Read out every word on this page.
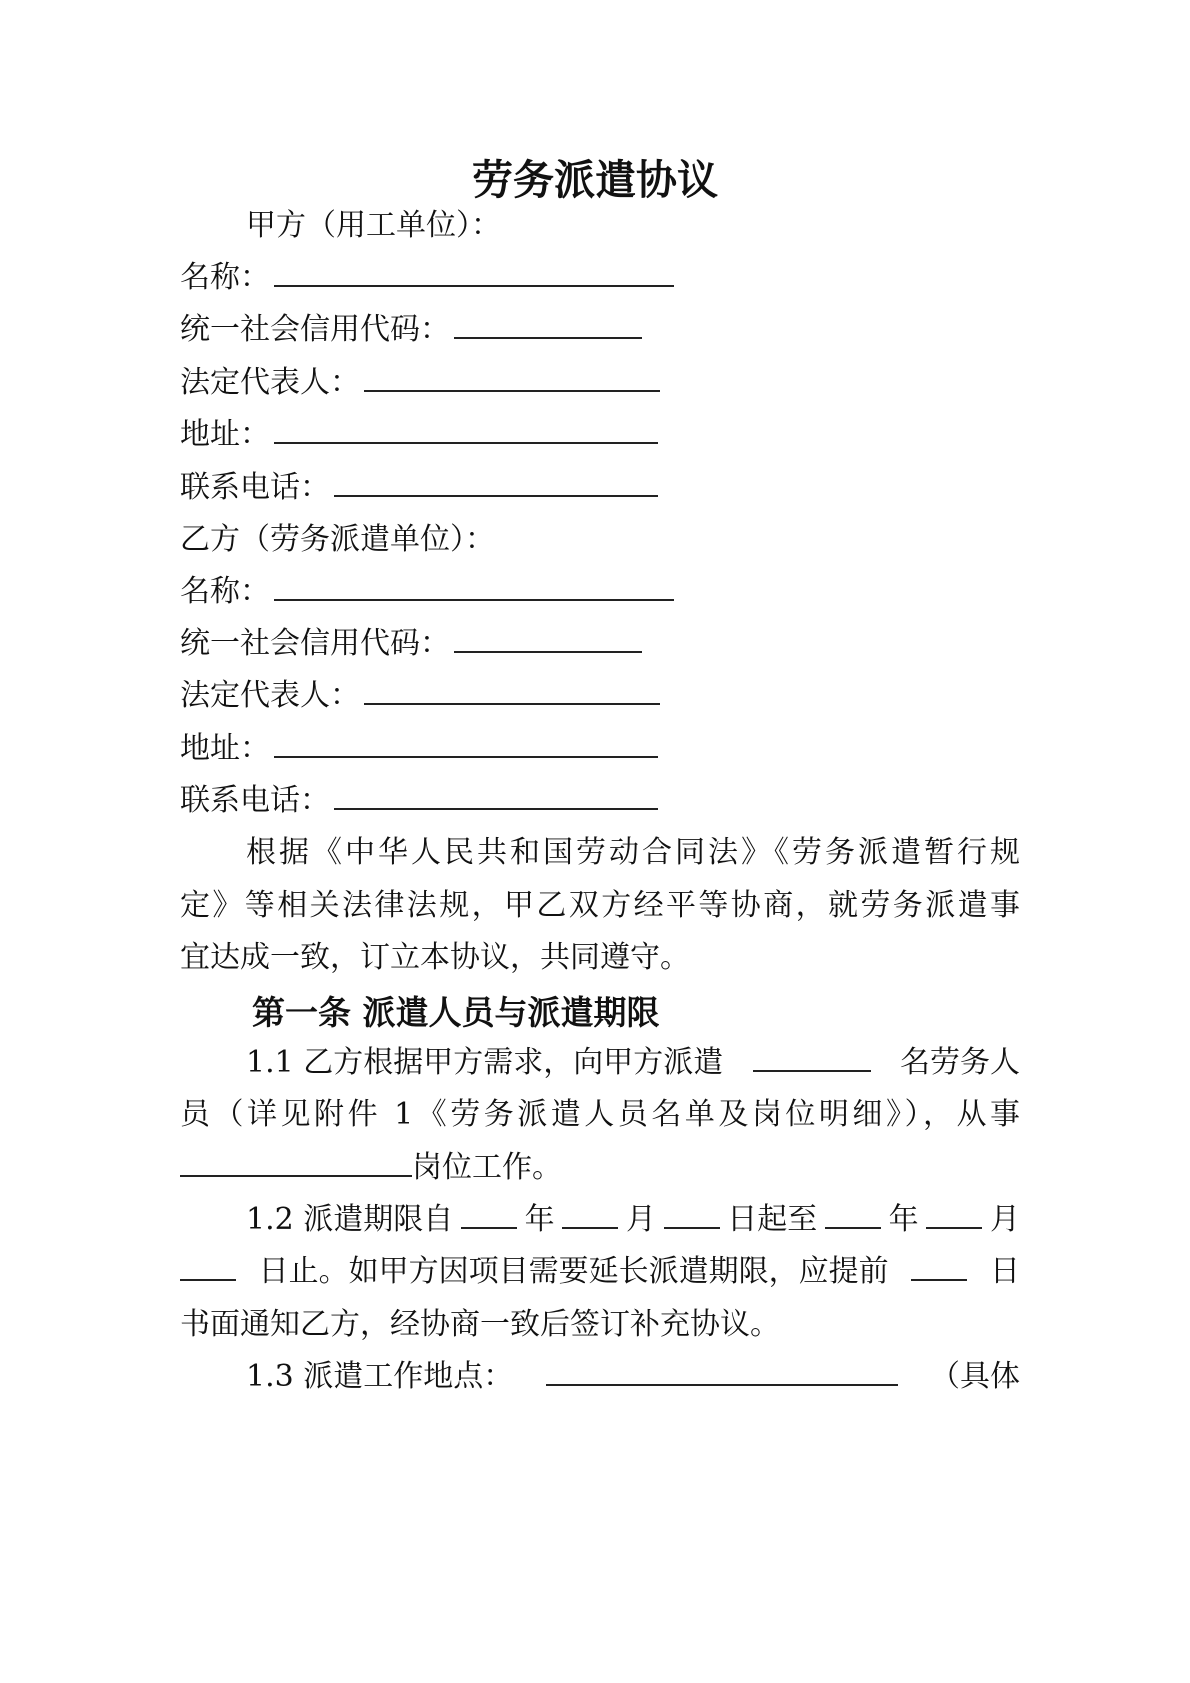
劳务派遣协议
甲方（用工单位）：
名称：
统一社会信用代码：
法定代表人：
地址：
联系电话：
乙方（劳务派遣单位）：
名称：
统一社会信用代码：
法定代表人：
地址：
联系电话：
根据《中华人民共和国劳动合同法》《劳务派遣暂行规
定》等相关法律法规，甲乙双方经平等协商，就劳务派遣事
宜达成一致，订立本协议，共同遵守。
第一条 派遣人员与派遣期限
1.1 乙方根据甲方需求，向甲方派遣	名劳务人
员（详见附件 1《劳务派遣人员名单及岗位明细》），从事
岗位工作。
1.2 派遣期限自 年 月 日起至 年 月
日止。如甲方因项目需要延长派遣期限，应提前	日
书面通知乙方，经协商一致后签订补充协议。
1.3 派遣工作地点：	（具体
